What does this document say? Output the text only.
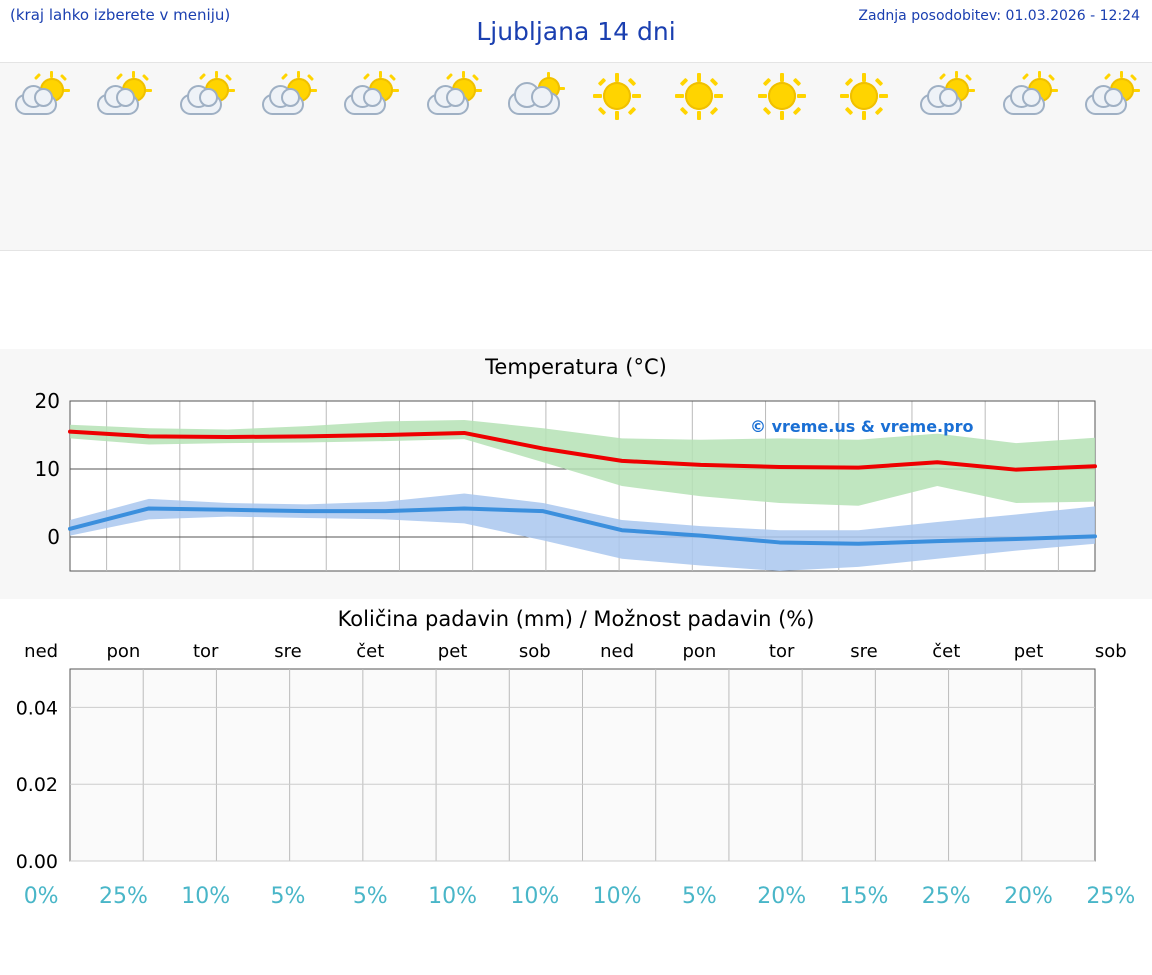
(kraj lahko izberete v meniju)
Ljubljana 14 dni
Zadnja posodobitev: 01.03.2026 - 12:24
Temperatura (°C)
0
10
20
© vreme.us & vreme.pro
Količina padavin (mm) / Možnost padavin (%)
ned	pon	tor	sre	čet	pet	sob	ned	pon	tor	sre	čet	pet	sob
0.00
0.02
0.04
0%	25%	10%	5%	5%	10%	10%	10%	5%	20%	15%	25%	20%	25%
